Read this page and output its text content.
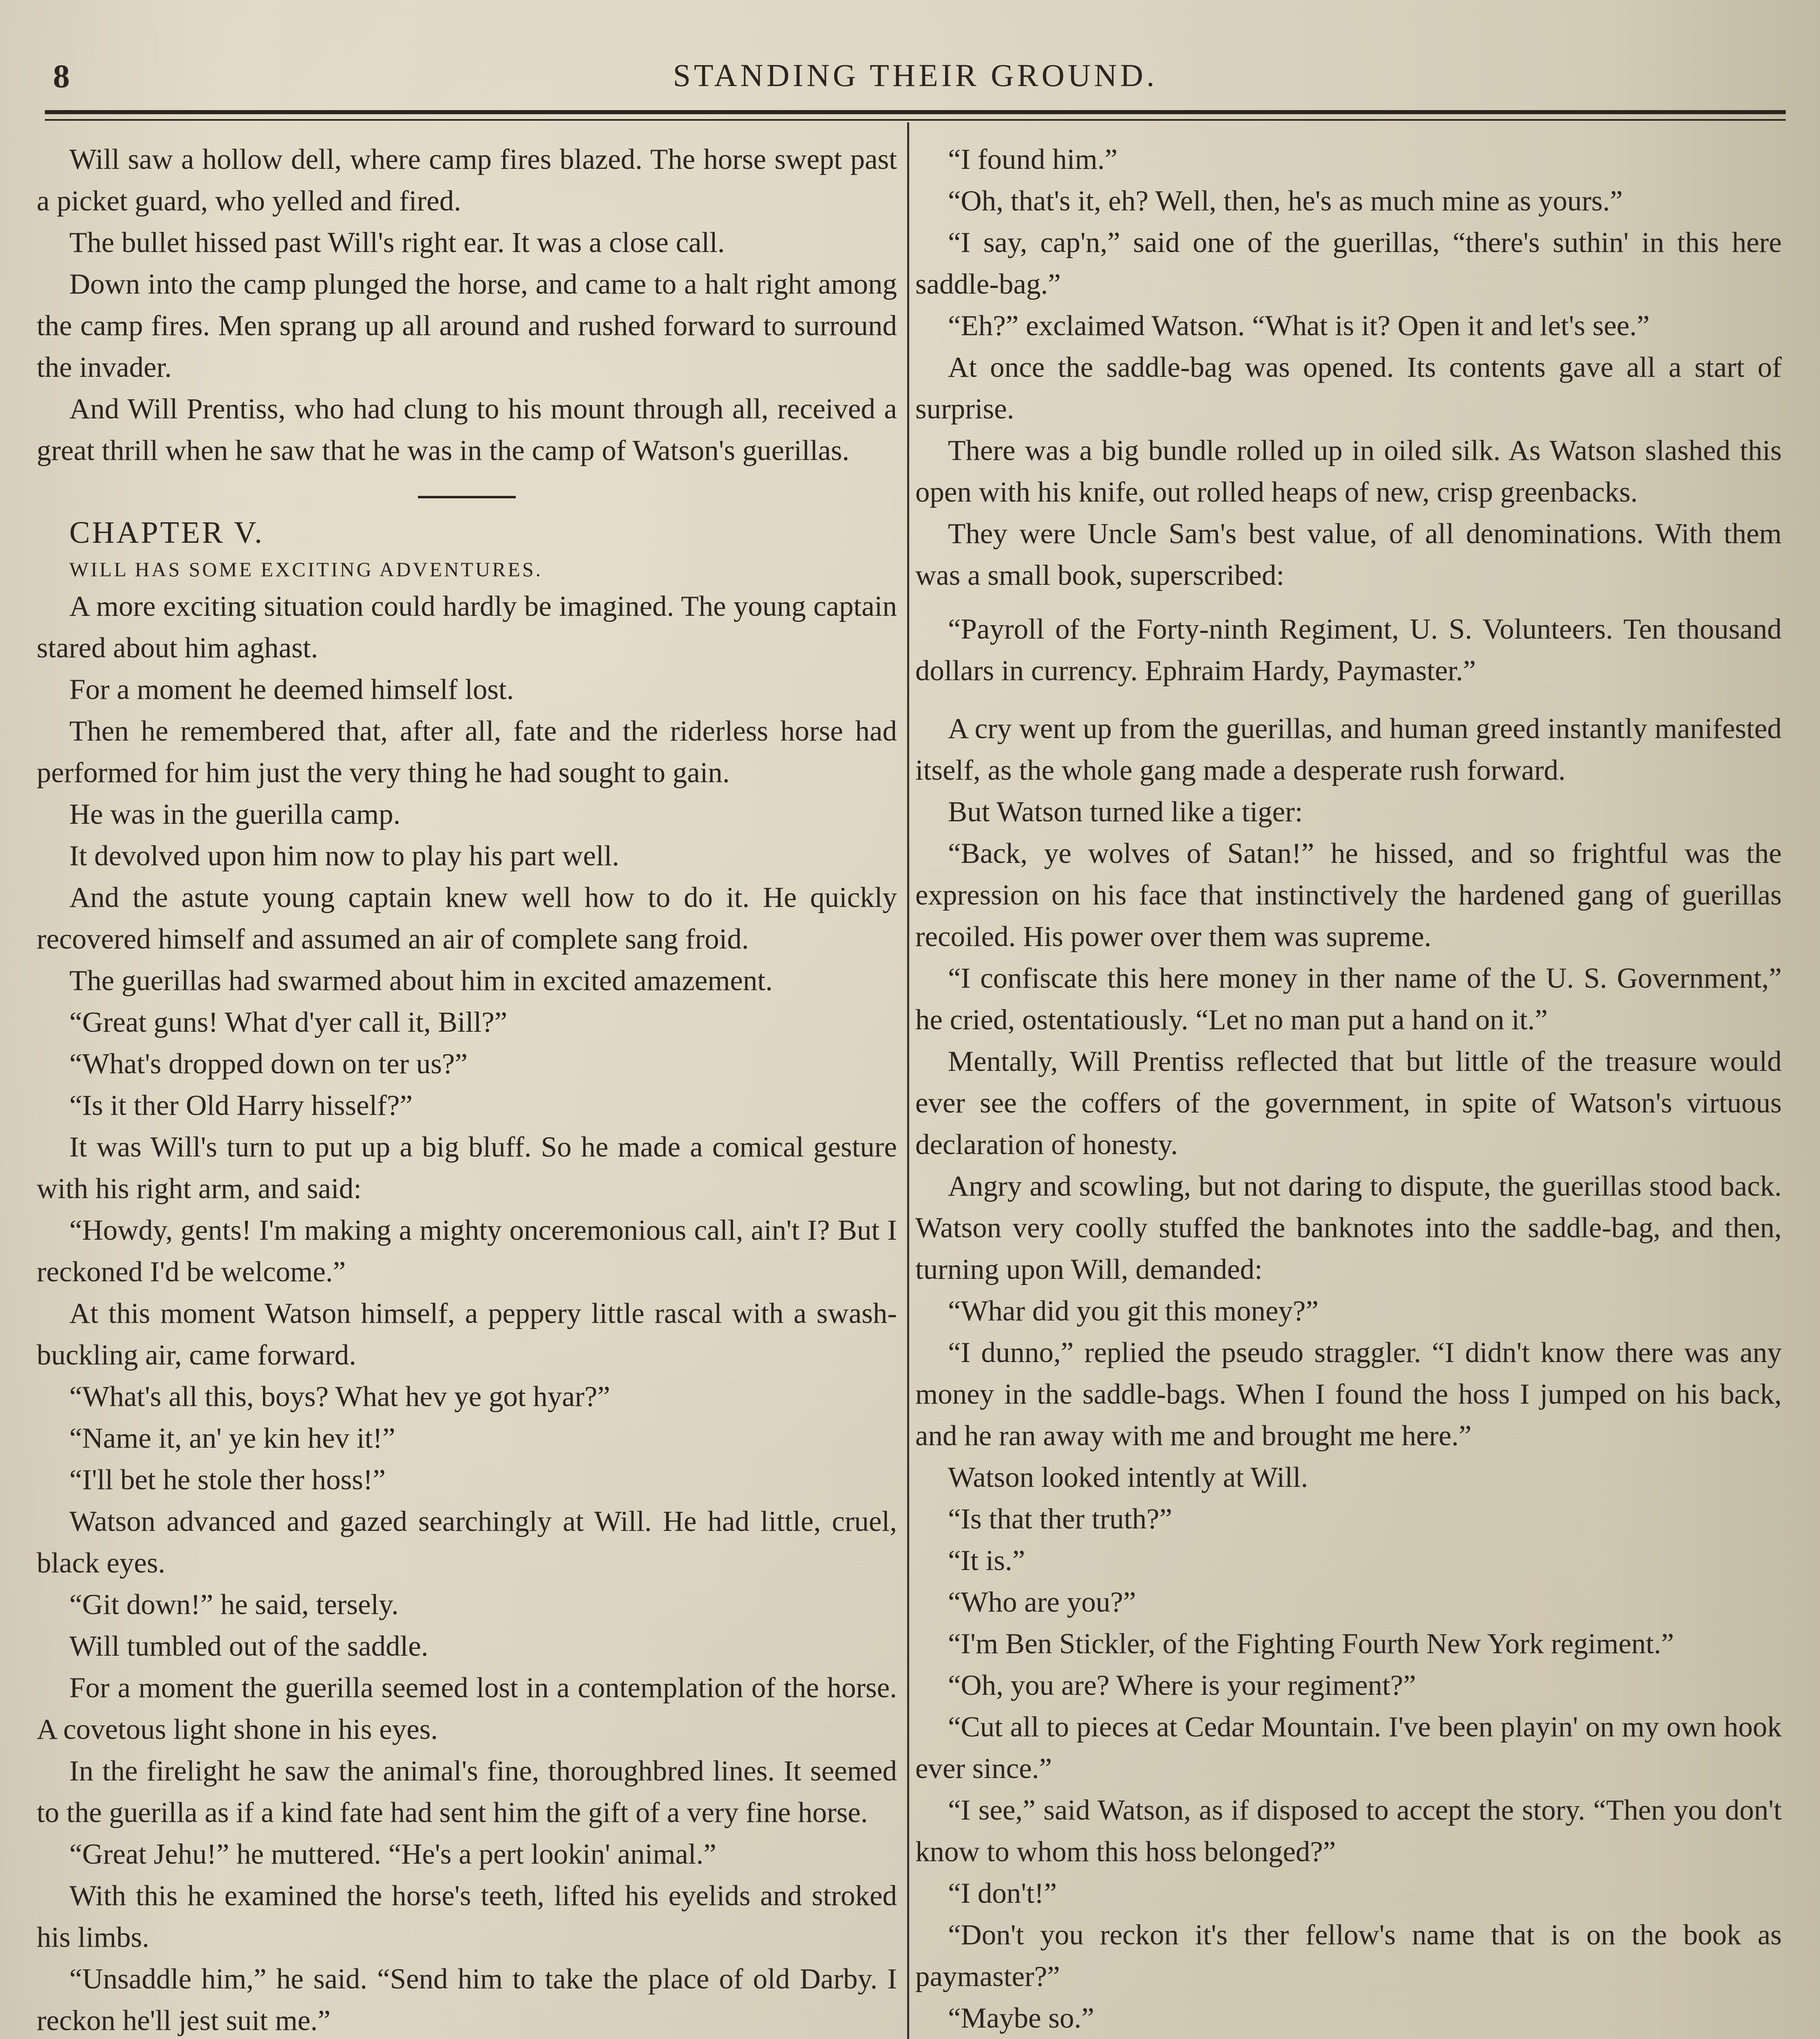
8	STANDING THEIR GROUND.

Will saw a hollow dell, where camp fires blazed. The horse swept past a picket guard, who yelled and fired.

The bullet hissed past Will's right ear. It was a close call.

Down into the camp plunged the horse, and came to a halt right among the camp fires. Men sprang up all around and rushed forward to surround the invader.

And Will Prentiss, who had clung to his mount through all, received a great thrill when he saw that he was in the camp of Watson's guerillas.

CHAPTER V.

WILL HAS SOME EXCITING ADVENTURES.

A more exciting situation could hardly be imagined. The young captain stared about him aghast.

For a moment he deemed himself lost.

Then he remembered that, after all, fate and the riderless horse had performed for him just the very thing he had sought to gain.

He was in the guerilla camp.

It devolved upon him now to play his part well.

And the astute young captain knew well how to do it. He quickly recovered himself and assumed an air of complete sang froid.

The guerillas had swarmed about him in excited amazement.

“Great guns! What d'yer call it, Bill?”

“What's dropped down on ter us?”

“Is it ther Old Harry hisself?”

It was Will's turn to put up a big bluff. So he made a comical gesture with his right arm, and said:

“Howdy, gents! I'm making a mighty onceremonious call, ain't I? But I reckoned I'd be welcome.”

At this moment Watson himself, a peppery little rascal with a swash-buckling air, came forward.

“What's all this, boys? What hev ye got hyar?”

“Name it, an' ye kin hev it!”

“I'll bet he stole ther hoss!”

Watson advanced and gazed searchingly at Will. He had little, cruel, black eyes.

“Git down!” he said, tersely.

Will tumbled out of the saddle.

For a moment the guerilla seemed lost in a contemplation of the horse. A covetous light shone in his eyes.

In the firelight he saw the animal's fine, thoroughbred lines. It seemed to the guerilla as if a kind fate had sent him the gift of a very fine horse.

“Great Jehu!” he muttered. “He's a pert lookin' animal.”

With this he examined the horse's teeth, lifted his eyelids and stroked his limbs.

“Unsaddle him,” he said. “Send him to take the place of old Darby. I reckon he'll jest suit me.”

“I found him.”

“Oh, that's it, eh? Well, then, he's as much mine as yours.”

“I say, cap'n,” said one of the guerillas, “there's suthin' in this here saddle-bag.”

“Eh?” exclaimed Watson. “What is it? Open it and let's see.”

At once the saddle-bag was opened. Its contents gave all a start of surprise.

There was a big bundle rolled up in oiled silk. As Watson slashed this open with his knife, out rolled heaps of new, crisp greenbacks.

They were Uncle Sam's best value, of all denominations. With them was a small book, superscribed:

“Payroll of the Forty-ninth Regiment, U. S. Volunteers. Ten thousand dollars in currency. Ephraim Hardy, Paymaster.”

A cry went up from the guerillas, and human greed instantly manifested itself, as the whole gang made a desperate rush forward.

But Watson turned like a tiger:

“Back, ye wolves of Satan!” he hissed, and so frightful was the expression on his face that instinctively the hardened gang of guerillas recoiled. His power over them was supreme.

“I confiscate this here money in ther name of the U. S. Government,” he cried, ostentatiously. “Let no man put a hand on it.”

Mentally, Will Prentiss reflected that but little of the treasure would ever see the coffers of the government, in spite of Watson's virtuous declaration of honesty.

Angry and scowling, but not daring to dispute, the guerillas stood back. Watson very coolly stuffed the banknotes into the saddle-bag, and then, turning upon Will, demanded:

“Whar did you git this money?”

“I dunno,” replied the pseudo straggler. “I didn't know there was any money in the saddle-bags. When I found the hoss I jumped on his back, and he ran away with me and brought me here.”

Watson looked intently at Will.

“Is that ther truth?”

“It is.”

“Who are you?”

“I'm Ben Stickler, of the Fighting Fourth New York regiment.”

“Oh, you are? Where is your regiment?”

“Cut all to pieces at Cedar Mountain. I've been playin' on my own hook ever since.”

“I see,” said Watson, as if disposed to accept the story. “Then you don't know to whom this hoss belonged?”

“I don't!”

“Don't you reckon it's ther fellow's name that is on the book as paymaster?”

“Maybe so.”
